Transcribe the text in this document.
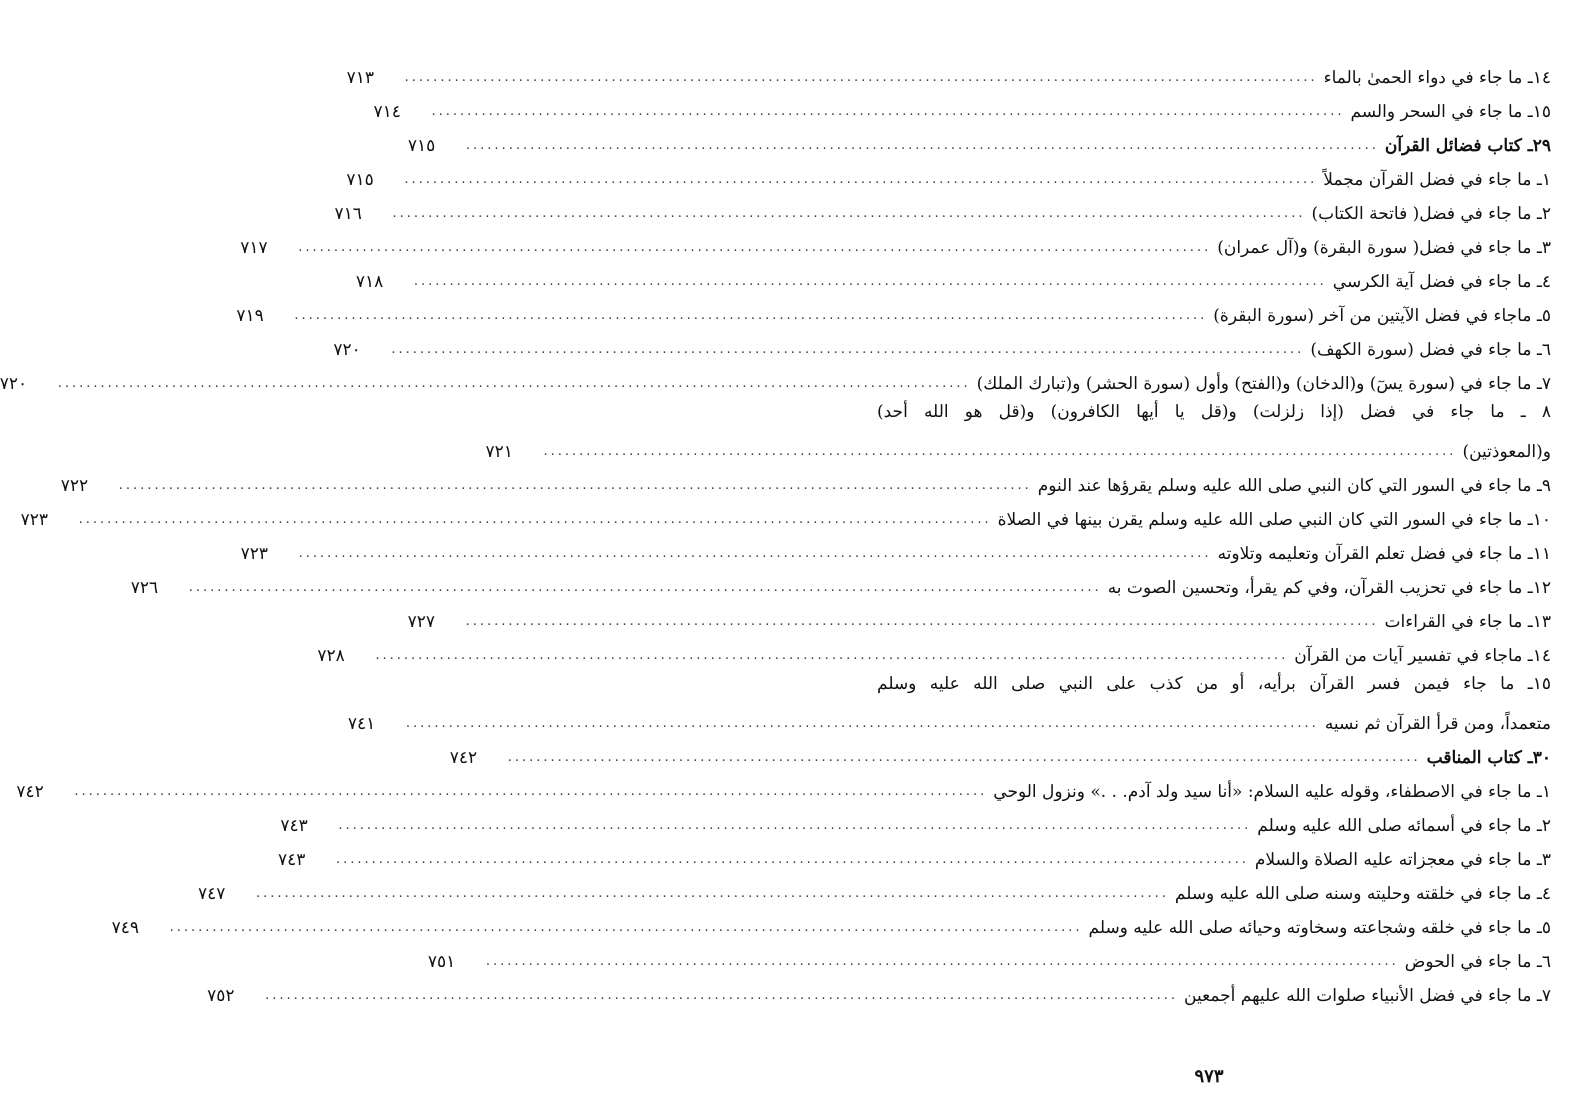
١٤ـ ما جاء في دواء الحمىٰ بالماء
................................................................................................................................
٧١٣
١٥ـ ما جاء في السحر والسم
................................................................................................................................
٧١٤
٢٩ـ كتاب فضائل القرآن
................................................................................................................................
٧١٥
١ـ ما جاء في فضل القرآن مجملاً
................................................................................................................................
٧١٥
٢ـ ما جاء في فضل( فاتحة الكتاب)
................................................................................................................................
٧١٦
٣ـ ما جاء في فضل( سورة البقرة) و(آل عمران)
................................................................................................................................
٧١٧
٤ـ ما جاء في فضل آية الكرسي
................................................................................................................................
٧١٨
٥ـ ماجاء في فضل الآيتين من آخر (سورة البقرة)
................................................................................................................................
٧١٩
٦ـ ما جاء في فضل (سورة الكهف)
................................................................................................................................
٧٢٠
٧ـ ما جاء في (سورة يسٓ) و(الدخان) و(الفتح) وأول (سورة الحشر) و(تبارك الملك)
................................................................................................................................
٧٢٠
٨ ـ ما جاء في فضل (إذا زلزلت) و(قل يا أيها الكافرون) و(قل هو الله أحد)
و(المعوذتين)
................................................................................................................................
٧٢١
٩ـ ما جاء في السور التي كان النبي صلى الله عليه وسلم يقرؤها عند النوم
................................................................................................................................
٧٢٢
١٠ـ ما جاء في السور التي كان النبي صلى الله عليه وسلم يقرن بينها في الصلاة
................................................................................................................................
٧٢٣
١١ـ ما جاء في فضل تعلم القرآن وتعليمه وتلاوته
................................................................................................................................
٧٢٣
١٢ـ ما جاء في تحزيب القرآن، وفي كم يقرأ، وتحسين الصوت به
................................................................................................................................
٧٢٦
١٣ـ ما جاء في القراءات
................................................................................................................................
٧٢٧
١٤ـ ماجاء في تفسير آيات من القرآن
................................................................................................................................
٧٢٨
١٥ـ ما جاء فيمن فسر القرآن برأيه، أو من كذب على النبي صلى الله عليه وسلم
متعمداً، ومن قرأ القرآن ثم نسيه
................................................................................................................................
٧٤١
٣٠ـ كتاب المناقب
................................................................................................................................
٧٤٢
١ـ ما جاء في الاصطفاء، وقوله عليه السلام: «أنا سيد ولد آدم. . .» ونزول الوحي
................................................................................................................................
٧٤٢
٢ـ ما جاء في أسمائه صلى الله عليه وسلم
................................................................................................................................
٧٤٣
٣ـ ما جاء في معجزاته عليه الصلاة والسلام
................................................................................................................................
٧٤٣
٤ـ ما جاء في خلقته وحليته وسنه صلى الله عليه وسلم
................................................................................................................................
٧٤٧
٥ـ ما جاء في خلقه وشجاعته وسخاوته وحيائه صلى الله عليه وسلم
................................................................................................................................
٧٤٩
٦ـ ما جاء في الحوض
................................................................................................................................
٧٥١
٧ـ ما جاء في فضل الأنبياء صلوات الله عليهم أجمعين
................................................................................................................................
٧٥٢
٩٧٣
